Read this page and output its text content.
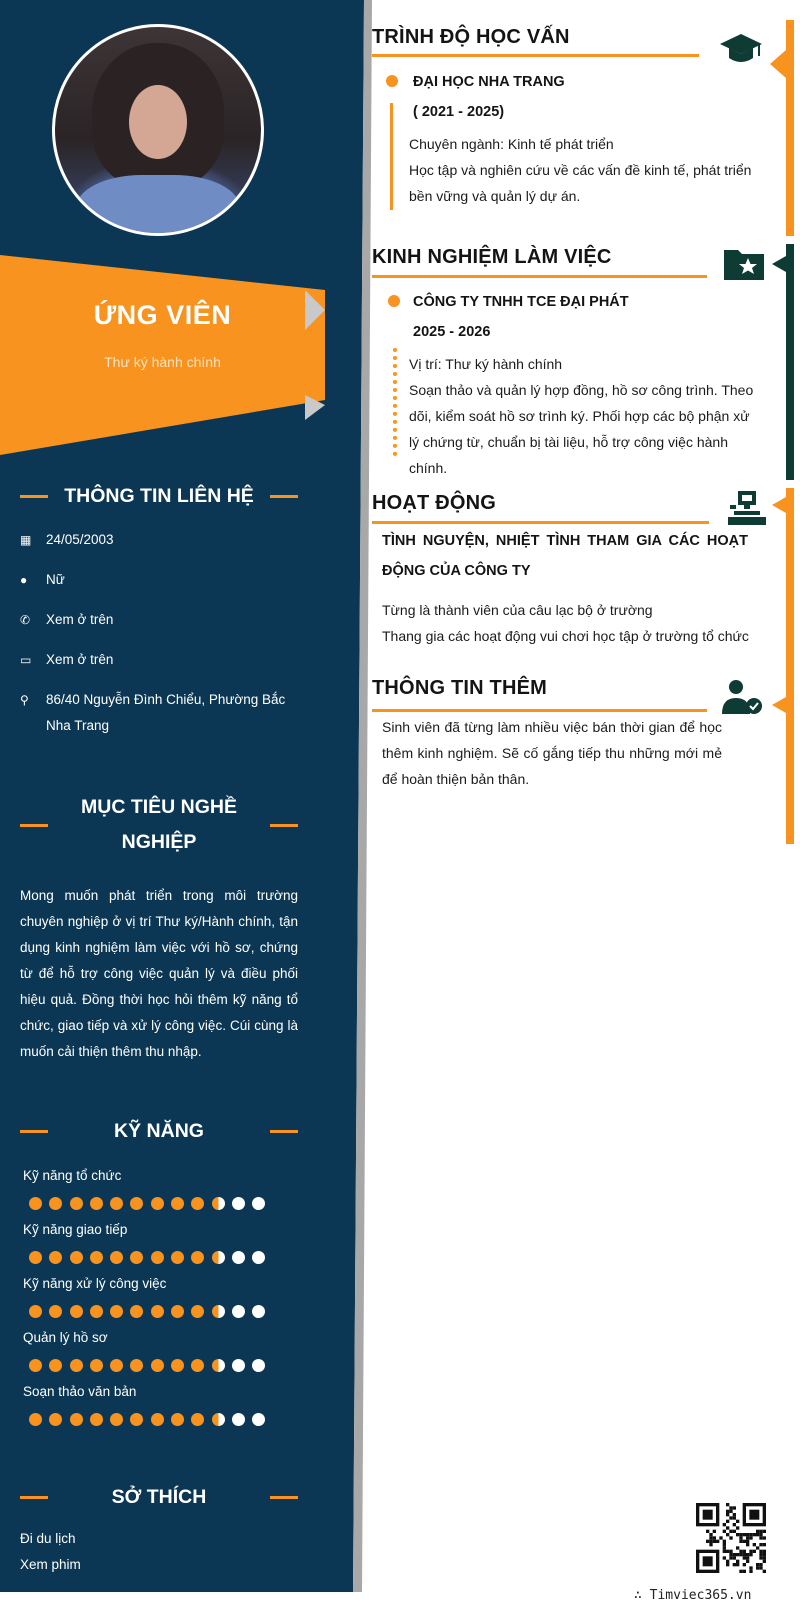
ỨNG VIÊN
Thư ký hành chính
THÔNG TIN LIÊN HỆ
▦	24/05/2003
●	Nữ
✆	Xem ở trên
▭	Xem ở trên
⚲	86/40 Nguyễn Đình Chiểu, Phường Bắc Nha Trang
MỤC TIÊU NGHỀ
NGHIỆP
Mong muốn phát triển trong môi trường chuyên nghiệp ở vị trí Thư ký/Hành chính, tận dụng kinh nghiệm làm việc với hồ sơ, chứng từ để hỗ trợ công việc quản lý và điều phối hiệu quả. Đồng thời học hỏi thêm kỹ năng tổ chức, giao tiếp và xử lý công việc. Cúi cùng là muốn cải thiện thêm thu nhập.
KỸ NĂNG
Kỹ năng tổ chức
Kỹ năng giao tiếp
Kỹ năng xử lý công việc
Quản lý hồ sơ
Soạn thảo văn bản
SỞ THÍCH
Đi du lịch
Xem phim
TRÌNH ĐỘ HỌC VẤN
ĐẠI HỌC NHA TRANG
( 2021 - 2025)
Chuyên ngành: Kinh tế phát triển
Học tập và nghiên cứu về các vấn đề kinh tế, phát triển bền vững và quản lý dự án.
KINH NGHIỆM LÀM VIỆC
CÔNG TY TNHH TCE ĐẠI PHÁT
2025 - 2026
Vị trí: Thư ký hành chính
Soạn thảo và quản lý hợp đồng, hồ sơ công trình. Theo dõi, kiểm soát hồ sơ trình ký. Phối hợp các bộ phận xử lý chứng từ, chuẩn bị tài liệu, hỗ trợ công việc hành chính.
HOẠT ĐỘNG
TÌNH NGUYỆN, NHIỆT TÌNH THAM GIA CÁC HOẠT ĐỘNG CỦA CÔNG TY
Từng là thành viên của câu lạc bộ ở trường
Thang gia các hoạt động vui chơi học tập ở trường tổ chức
THÔNG TIN THÊM
Sinh viên đã từng làm nhiều việc bán thời gian để học thêm kinh nghiệm. Sẽ cố gắng tiếp thu những mới mẻ để hoàn thiện bản thân.
∴ Timviec365.vn
